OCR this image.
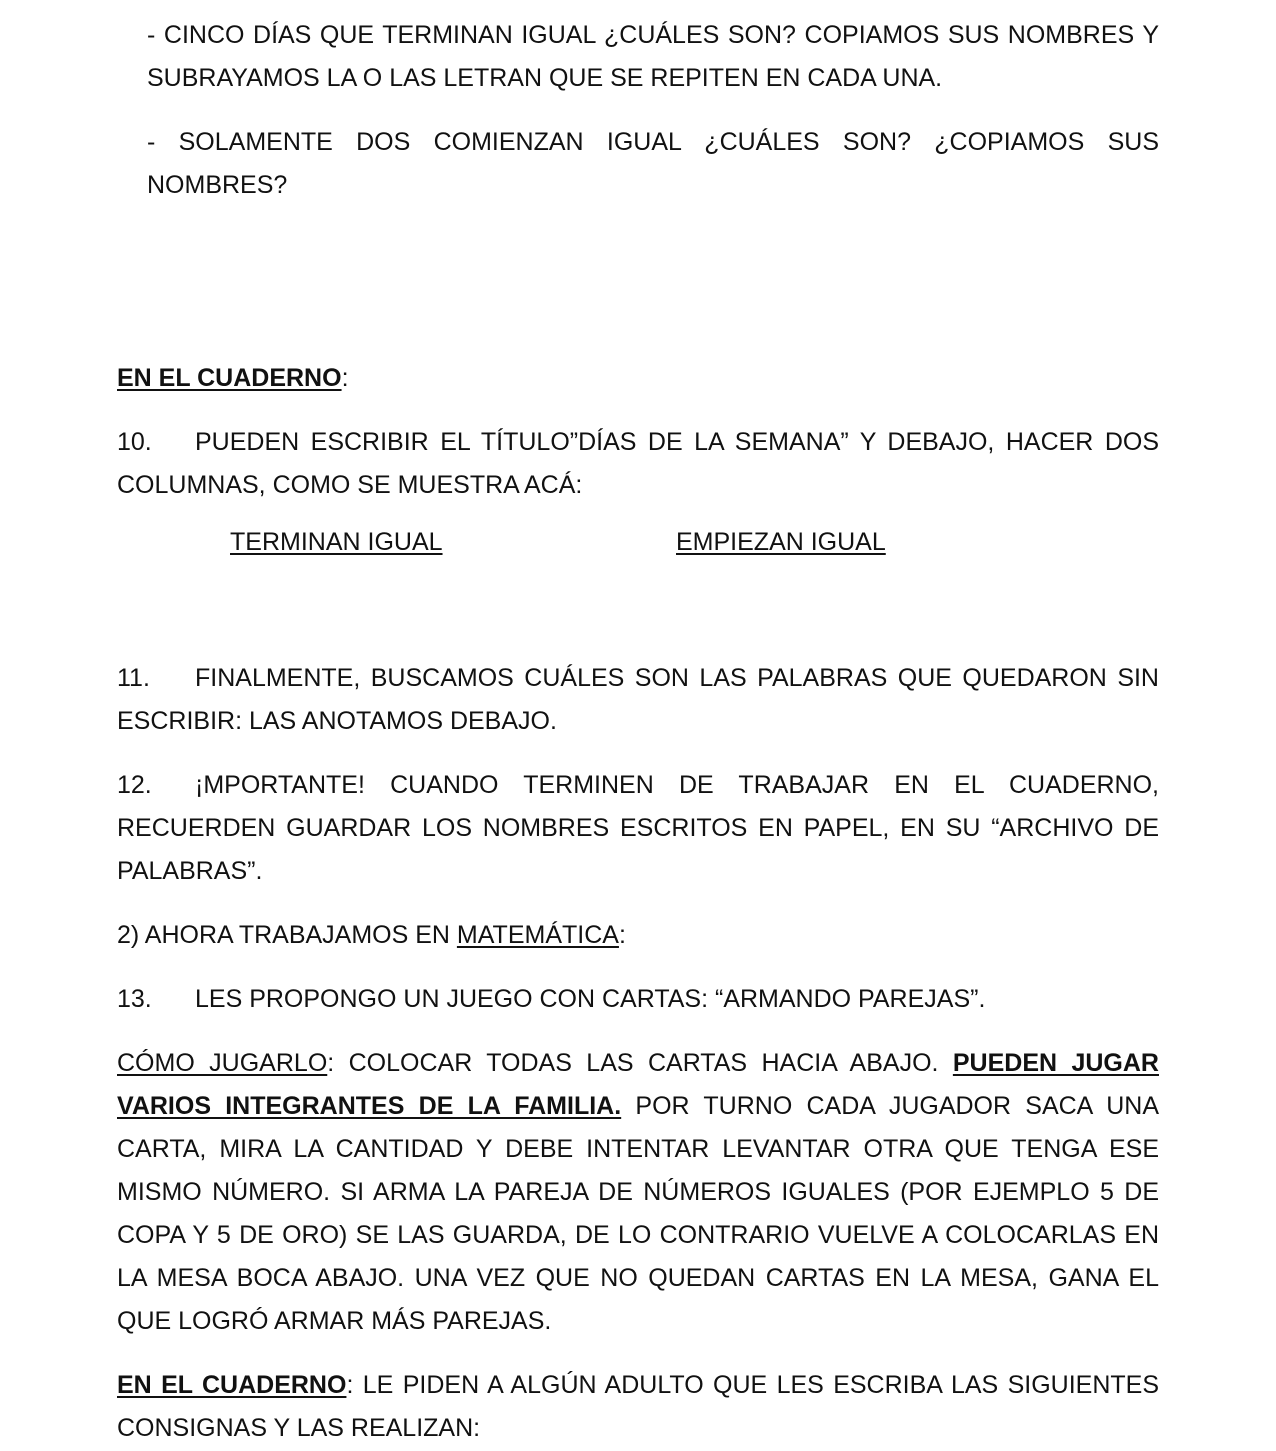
- CINCO DÍAS QUE TERMINAN IGUAL ¿CUÁLES SON? COPIAMOS SUS NOMBRES Y SUBRAYAMOS LA O LAS LETRAN QUE SE REPITEN EN CADA UNA.

- SOLAMENTE DOS COMIENZAN IGUAL ¿CUÁLES SON? ¿COPIAMOS SUS NOMBRES?

EN EL CUADERNO:

10. PUEDEN ESCRIBIR EL TÍTULO”DÍAS DE LA SEMANA” Y DEBAJO, HACER DOS COLUMNAS, COMO SE MUESTRA ACÁ:

TERMINAN IGUAL	EMPIEZAN IGUAL

11. FINALMENTE, BUSCAMOS CUÁLES SON LAS PALABRAS QUE QUEDARON SIN ESCRIBIR: LAS ANOTAMOS DEBAJO.

12. ¡MPORTANTE! CUANDO TERMINEN DE TRABAJAR EN EL CUADERNO, RECUERDEN GUARDAR LOS NOMBRES ESCRITOS EN PAPEL, EN SU “ARCHIVO DE PALABRAS”.

2) AHORA TRABAJAMOS EN MATEMÁTICA:

13. LES PROPONGO UN JUEGO CON CARTAS: “ARMANDO PAREJAS”.

CÓMO JUGARLO: COLOCAR TODAS LAS CARTAS HACIA ABAJO. PUEDEN JUGAR VARIOS INTEGRANTES DE LA FAMILIA. POR TURNO CADA JUGADOR SACA UNA CARTA, MIRA LA CANTIDAD Y DEBE INTENTAR LEVANTAR OTRA QUE TENGA ESE MISMO NÚMERO. SI ARMA LA PAREJA DE NÚMEROS IGUALES (POR EJEMPLO 5 DE COPA Y 5 DE ORO) SE LAS GUARDA, DE LO CONTRARIO VUELVE A COLOCARLAS EN LA MESA BOCA ABAJO. UNA VEZ QUE NO QUEDAN CARTAS EN LA MESA, GANA EL QUE LOGRÓ ARMAR MÁS PAREJAS.

EN EL CUADERNO: LE PIDEN A ALGÚN ADULTO QUE LES ESCRIBA LAS SIGUIENTES CONSIGNAS Y LAS REALIZAN:
